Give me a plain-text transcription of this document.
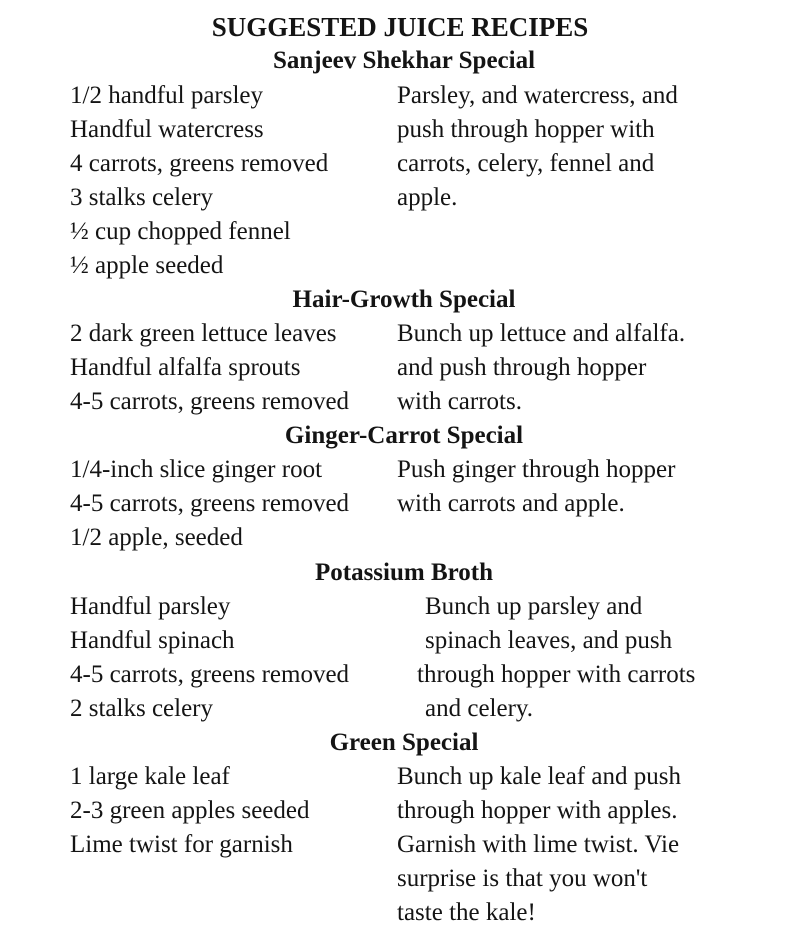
SUGGESTED JUICE RECIPES
Sanjeev Shekhar Special
1/2 handful parsley
Handful watercress
4 carrots, greens removed
3 stalks celery
½ cup chopped fennel
½ apple seeded
Parsley, and watercress, and
push through hopper with
carrots, celery, fennel and
apple.
Hair-Growth Special
2 dark green lettuce leaves
Handful alfalfa sprouts
4-5 carrots, greens removed
Bunch up lettuce and alfalfa.
and push through hopper
with carrots.
Ginger-Carrot Special
1/4-inch slice ginger root
4-5 carrots, greens removed
1/2 apple, seeded
Push ginger through hopper
with carrots and apple.
Potassium Broth
Handful parsley
Handful spinach
4-5 carrots, greens removed
2 stalks celery
Bunch up parsley and
spinach leaves, and push
through hopper with carrots
and celery.
Green Special
1 large kale leaf
2-3 green apples seeded
Lime twist for garnish
Bunch up kale leaf and push
through hopper with apples.
Garnish with lime twist. Vie
surprise is that you won't
taste the kale!
